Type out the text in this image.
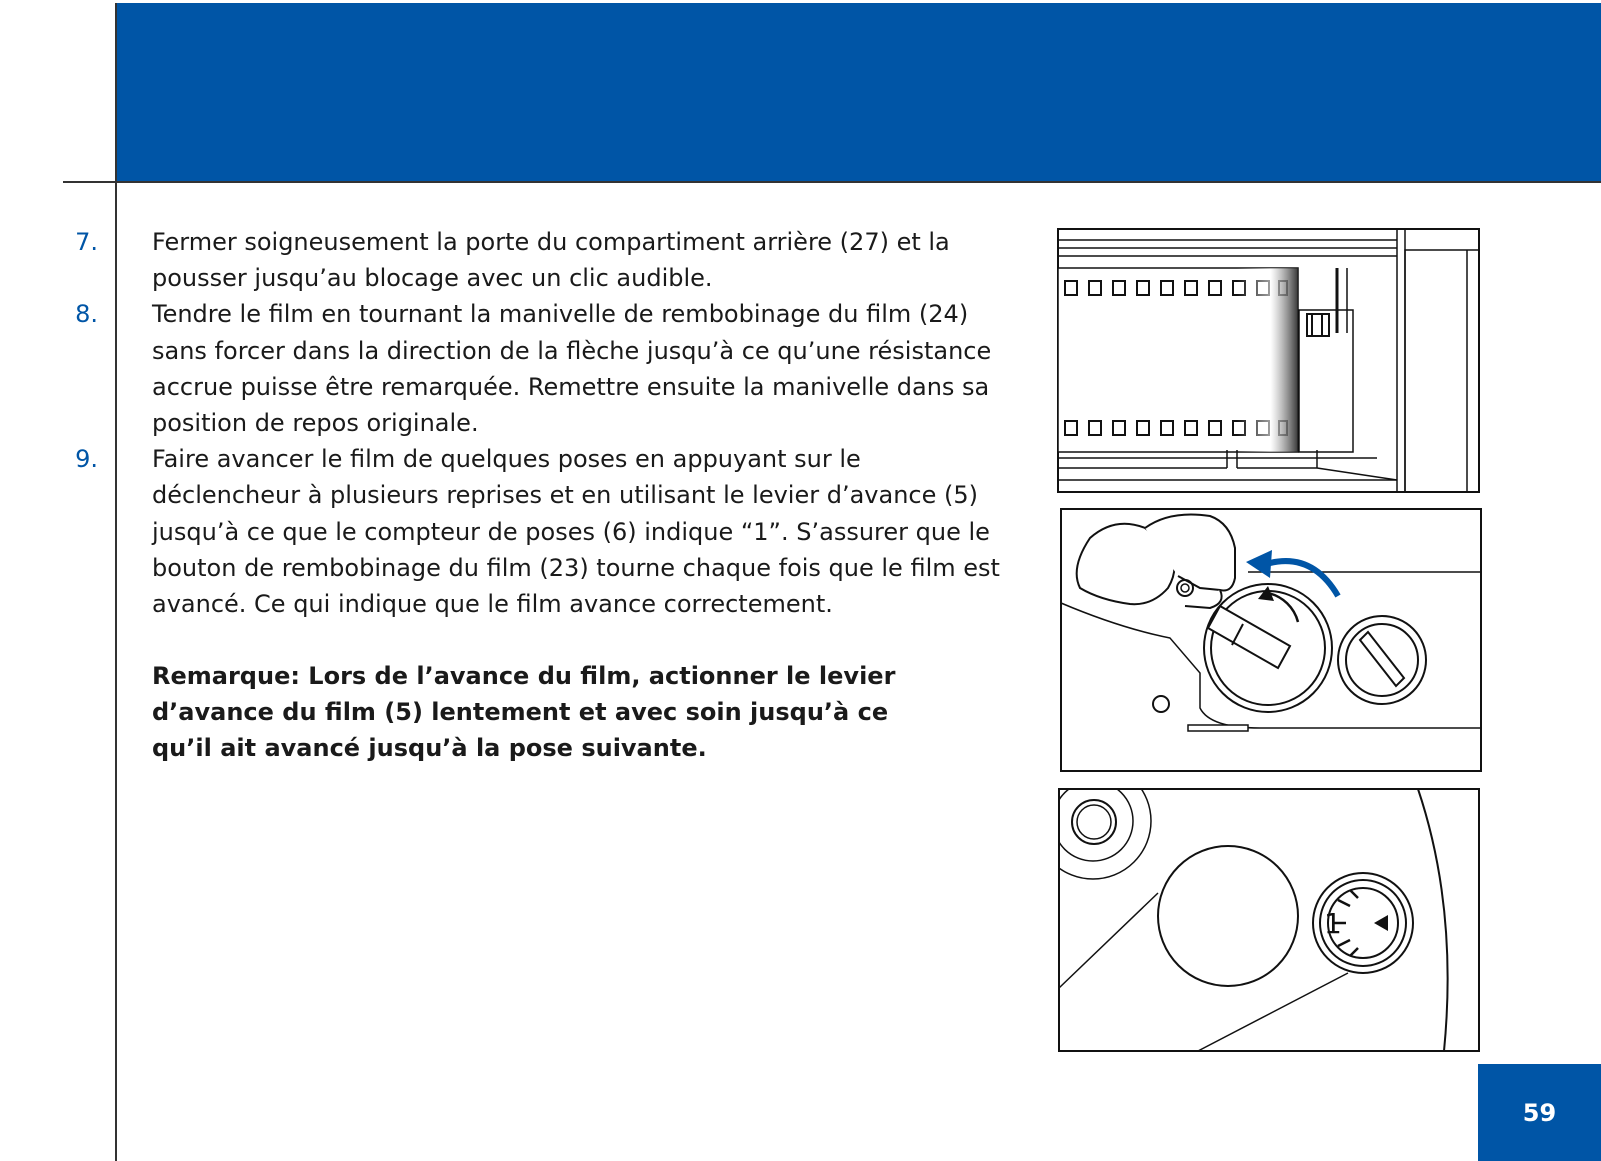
7. Fermer soigneusement la porte du compartiment arrière (27) et la pousser jusqu’au blocage avec un clic audible.
8. Tendre le film en tournant la manivelle de rembobinage du film (24) sans forcer dans la direction de la flèche jusqu’à ce qu’une résistance accrue puisse être remarquée. Remettre ensuite la manivelle dans sa position de repos originale.
9. Faire avancer le film de quelques poses en appuyant sur le déclencheur à plusieurs reprises et en utilisant le levier d’avance (5) jusqu’à ce que le compteur de poses (6) indique “1”. S’assurer que le bouton de rembobinage du film (23) tourne chaque fois que le film est avancé. Ce qui indique que le film avance correctement.
Remarque: Lors de l’avance du film, actionner le levier d’avance du film (5) lentement et avec soin jusqu’à ce qu’il ait avancé jusqu’à la pose suivante.
1
59
